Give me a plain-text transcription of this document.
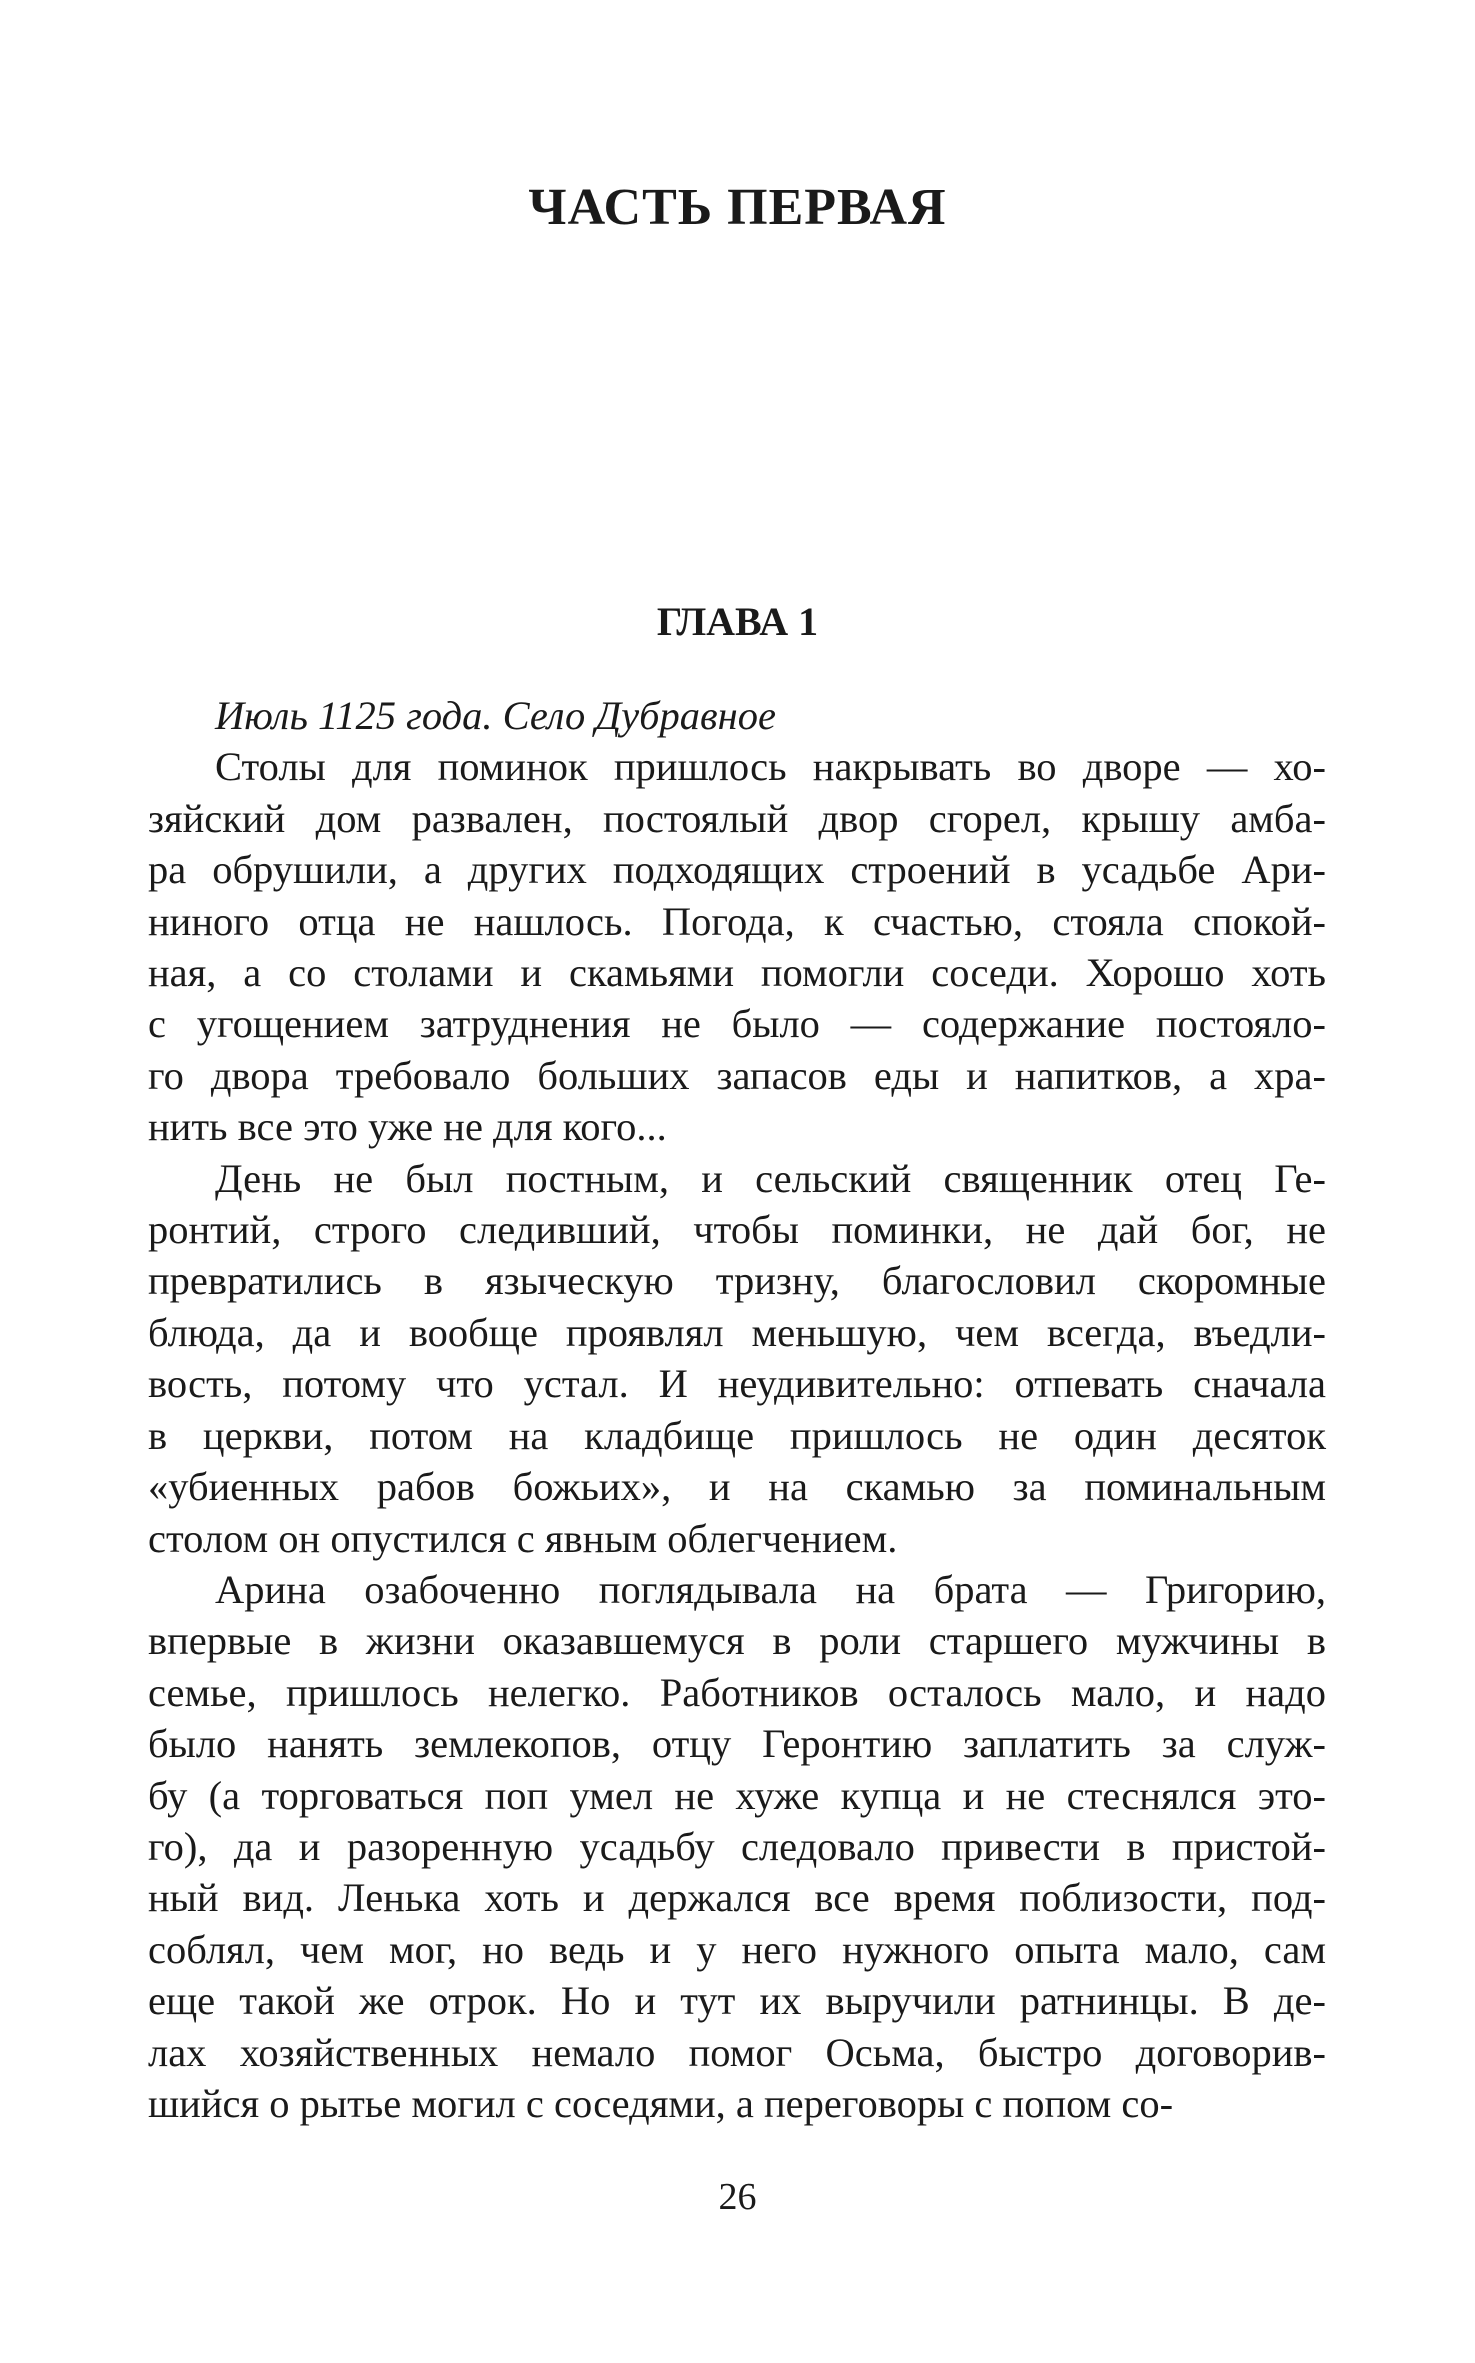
ЧАСТЬ ПЕРВАЯ
ГЛАВА 1

Июль 1125 года. Село Дубравное

Столы для поминок пришлось накрывать во дворе — хо-
зяйский дом развален, постоялый двор сгорел, крышу амба-
ра обрушили, а других подходящих строений в усадьбе Ари-
ниного отца не нашлось. Погода, к счастью, стояла спокой-
ная, а со столами и скамьями помогли соседи. Хорошо хоть
с угощением затруднения не было — содержание постояло-
го двора требовало больших запасов еды и напитков, а хра-
нить все это уже не для кого...
День не был постным, и сельский священник отец Ге-
ронтий, строго следивший, чтобы поминки, не дай бог, не
превратились в языческую тризну, благословил скоромные
блюда, да и вообще проявлял меньшую, чем всегда, въедли-
вость, потому что устал. И неудивительно: отпевать сначала
в церкви, потом на кладбище пришлось не один десяток
«убиенных рабов божьих», и на скамью за поминальным
столом он опустился с явным облегчением.
Арина озабоченно поглядывала на брата — Григорию,
впервые в жизни оказавшемуся в роли старшего мужчины в
семье, пришлось нелегко. Работников осталось мало, и надо
было нанять землекопов, отцу Геронтию заплатить за служ-
бу (а торговаться поп умел не хуже купца и не стеснялся это-
го), да и разоренную усадьбу следовало привести в пристой-
ный вид. Ленька хоть и держался все время поблизости, под-
соблял, чем мог, но ведь и у него нужного опыта мало, сам
еще такой же отрок. Но и тут их выручили ратнинцы. В де-
лах хозяйственных немало помог Осьма, быстро договорив-
шийся о рытье могил с соседями, а переговоры с попом со-
26
